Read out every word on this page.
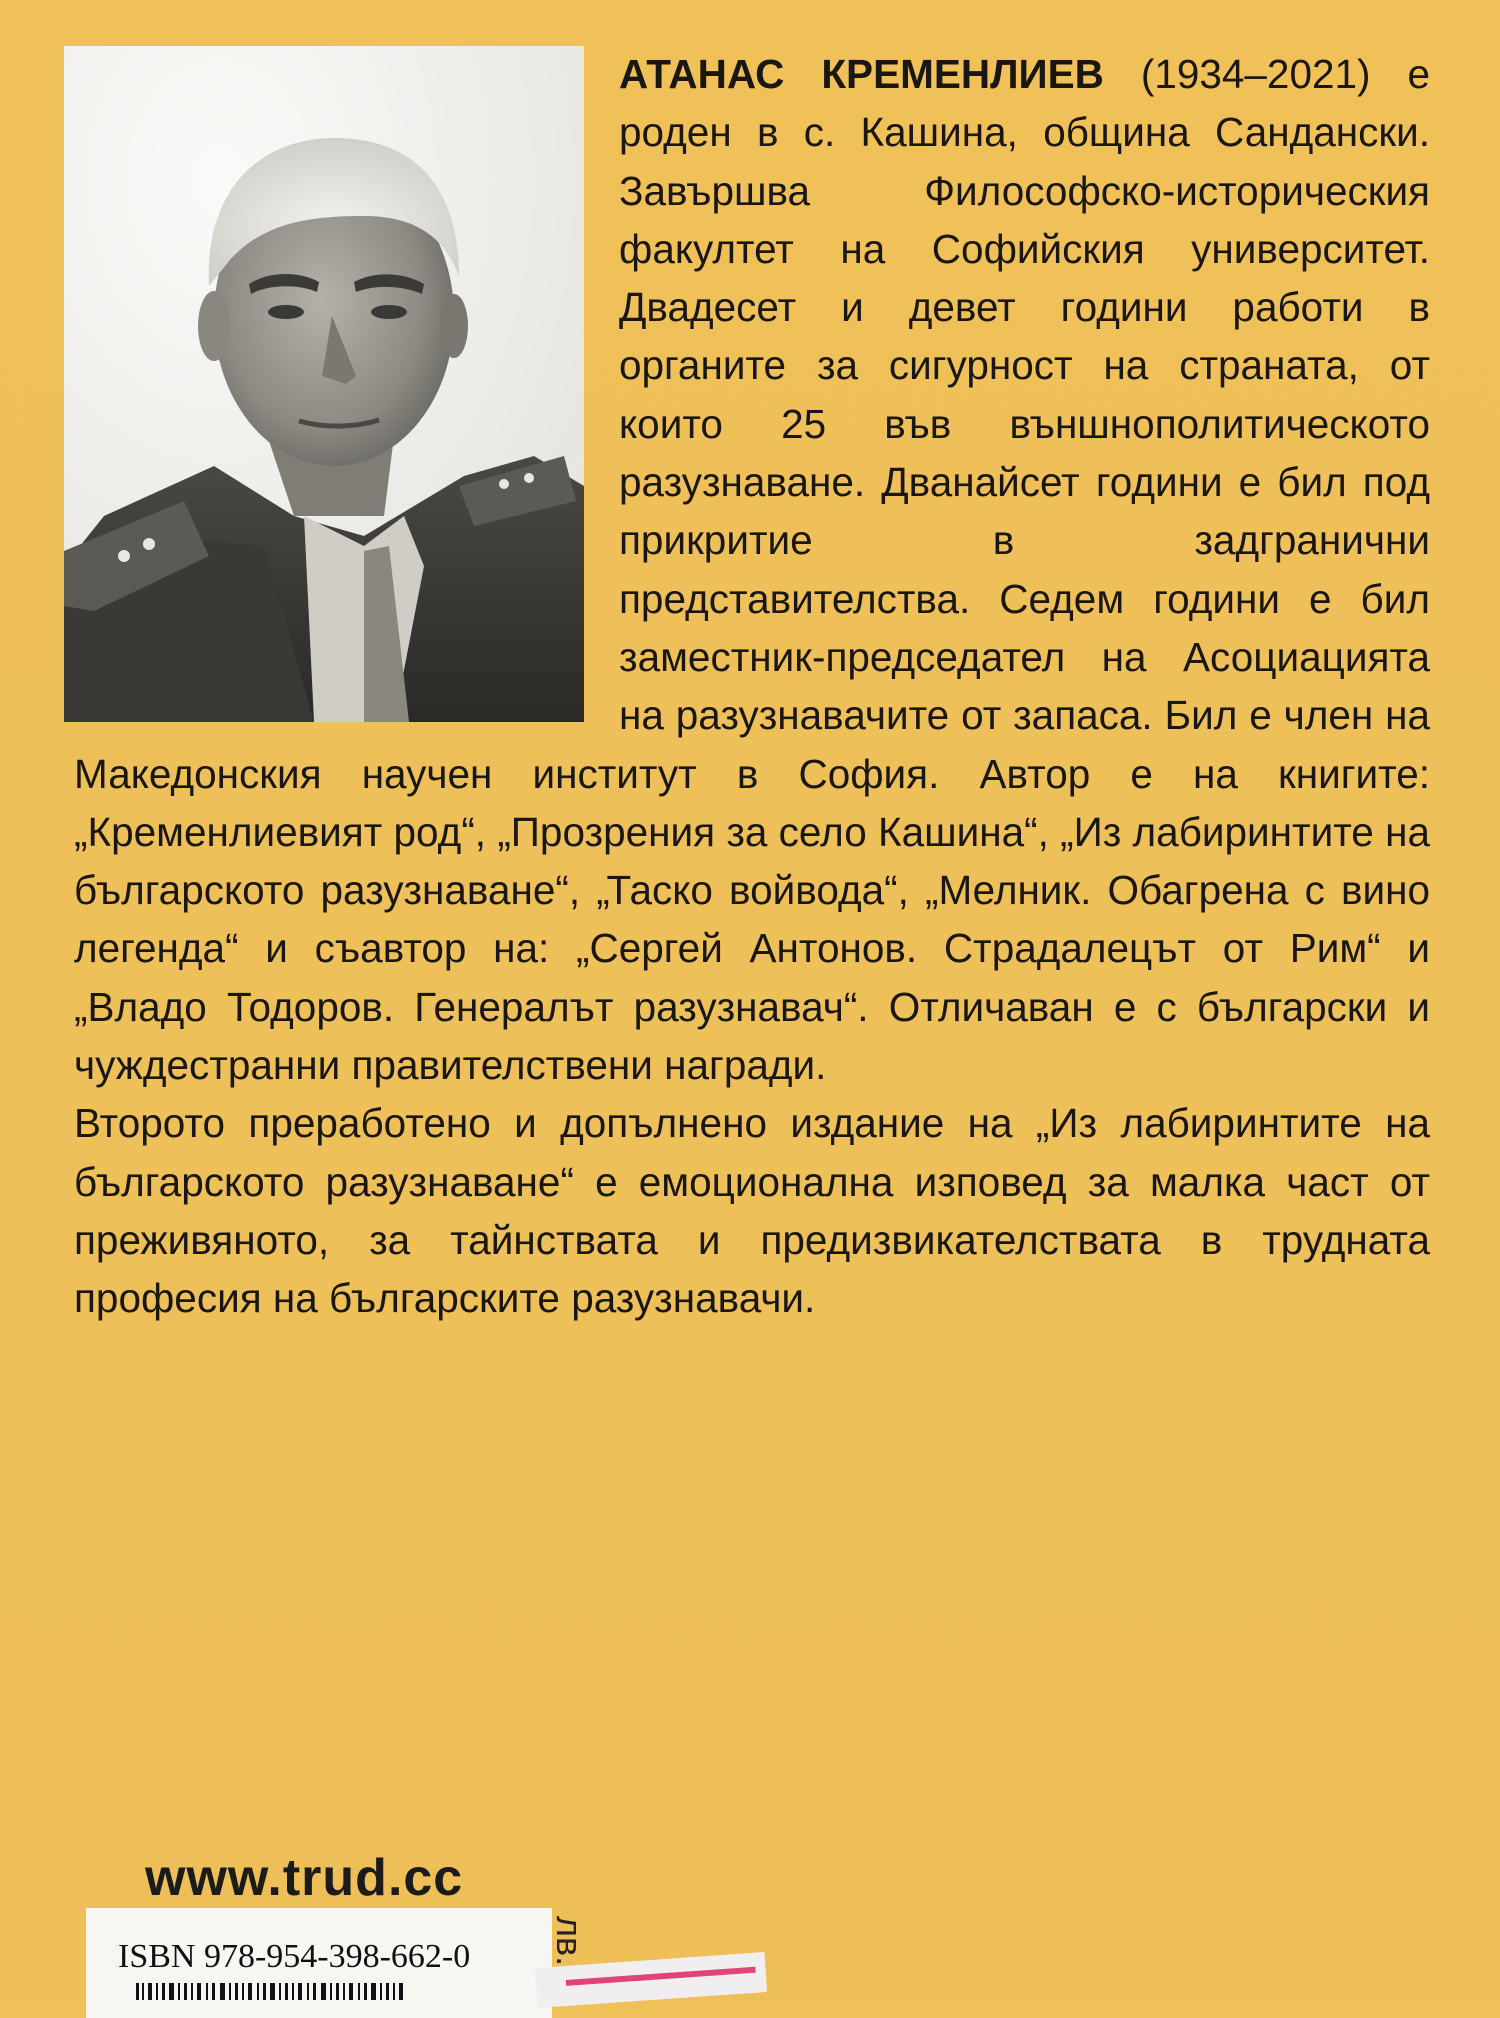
АТАНАС КРЕМЕНЛИЕВ (1934–2021) е роден в с. Кашина, община Сандански. Завършва Философско-историческия факултет на Софийския университет. Двадесет и девет години работи в органите за сигурност на страната, от които 25 във външнополитическото разузнаване. Дванайсет години е бил под прикритие в задгранични представителства. Седем години е бил заместник-председател на Асоциацията на разузнавачите от запаса. Бил е член на Македонския научен институт в София. Автор е на книгите: „Кременлиевият род“, „Прозрения за село Кашина“, „Из лабиринтите на българското разузнаване“, „Таско войвода“, „Мелник. Обагрена с вино легенда“ и съавтор на: „Сергей Антонов. Страдалецът от Рим“ и „Владо Тодоров. Генералът разузнавач“. Отличаван е с български и чуждестранни правителствени награди.

Второто преработено и допълнено издание на „Из лабиринтите на българското разузнаване“ е емоционална изповед за малка част от преживяното, за тайнствата и предизвикателствата в трудната професия на българските разузнавачи.

www.trud.cc
ISBN 978-954-398-662-0 лв.
